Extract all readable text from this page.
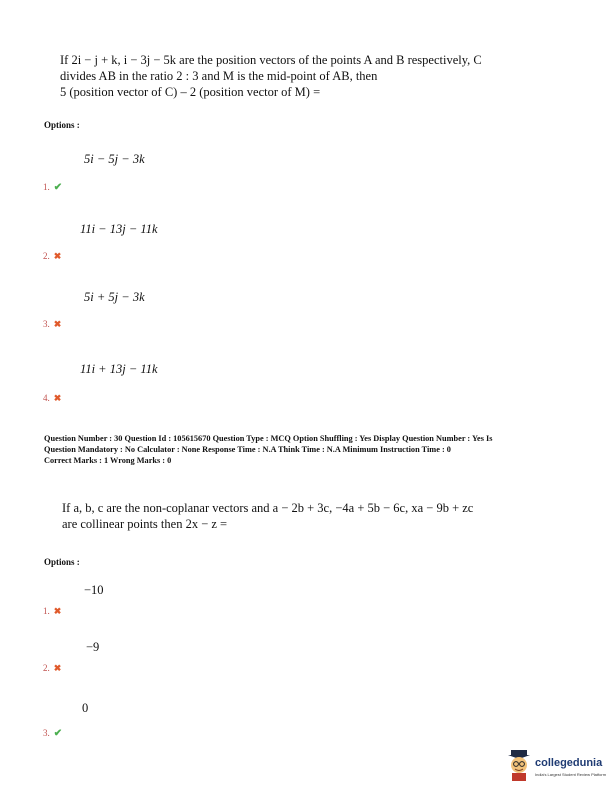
If 2i − j + k, i − 3j − 5k are the position vectors of the points A and B respectively, C
divides AB in the ratio 2 : 3 and M is the mid-point of AB, then
5 (position vector of C) – 2 (position vector of M) =
Options :
5i − 5j − 3k
1. ✔
11i − 13j − 11k
2. ✖
5i + 5j − 3k
3. ✖
11i + 13j − 11k
4. ✖
Question Number : 30 Question Id : 105615670 Question Type : MCQ Option Shuffling : Yes Display Question Number : Yes Is
Question Mandatory : No Calculator : None Response Time : N.A Think Time : N.A Minimum Instruction Time : 0
Correct Marks : 1 Wrong Marks : 0
If a, b, c are the non-coplanar vectors and a − 2b + 3c, −4a + 5b − 6c, xa − 9b + zc
are collinear points then 2x − z =
Options :
−10
1. ✖
−9
2. ✖
0
3. ✔
collegedunia
India's Largest Student Review Platform
